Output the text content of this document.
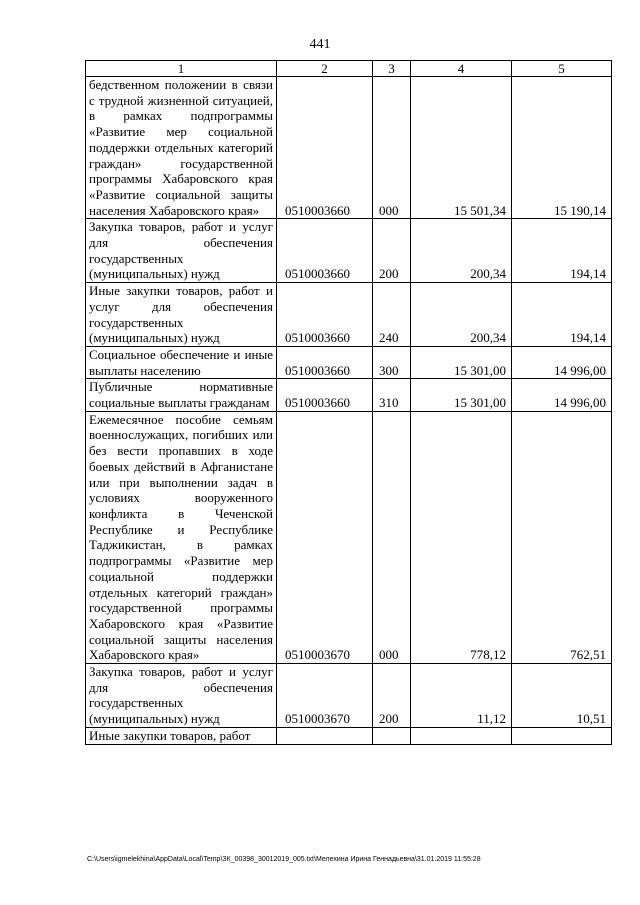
441
1	2	3	4	5
бедственном положении в связи с трудной жизненной ситуацией, в рамках подпрограммы «Развитие мер социальной поддержки отдельных категорий граждан» государственной программы Хабаровского края «Развитие социальной защиты населения Хабаровского края»	0510003660	000	15 501,34	15 190,14
Закупка товаров, работ и услуг для обеспечения государственных (муниципальных) нужд	0510003660	200	200,34	194,14
Иные закупки товаров, работ и услуг для обеспечения государственных (муниципальных) нужд	0510003660	240	200,34	194,14
Социальное обеспечение и иные выплаты населению	0510003660	300	15 301,00	14 996,00
Публичные нормативные социальные выплаты гражданам	0510003660	310	15 301,00	14 996,00
Ежемесячное пособие семьям военнослужащих, погибших или без вести пропавших в ходе боевых действий в Афганистане или при выполнении задач в условиях вооруженного конфликта в Чеченской Республике и Республике Таджикистан, в рамках подпрограммы «Развитие мер социальной поддержки отдельных категорий граждан» государственной программы Хабаровского края «Развитие социальной защиты населения Хабаровского края»	0510003670	000	778,12	762,51
Закупка товаров, работ и услуг для обеспечения государственных (муниципальных) нужд	0510003670	200	11,12	10,51
Иные закупки товаров, работ				
C:\Users\igmelekhina\AppData\Local\Temp\ЗК_00398_30012019_005.txt\Мелехина Ирина Геннадьевна\31.01.2019 11:55:28
